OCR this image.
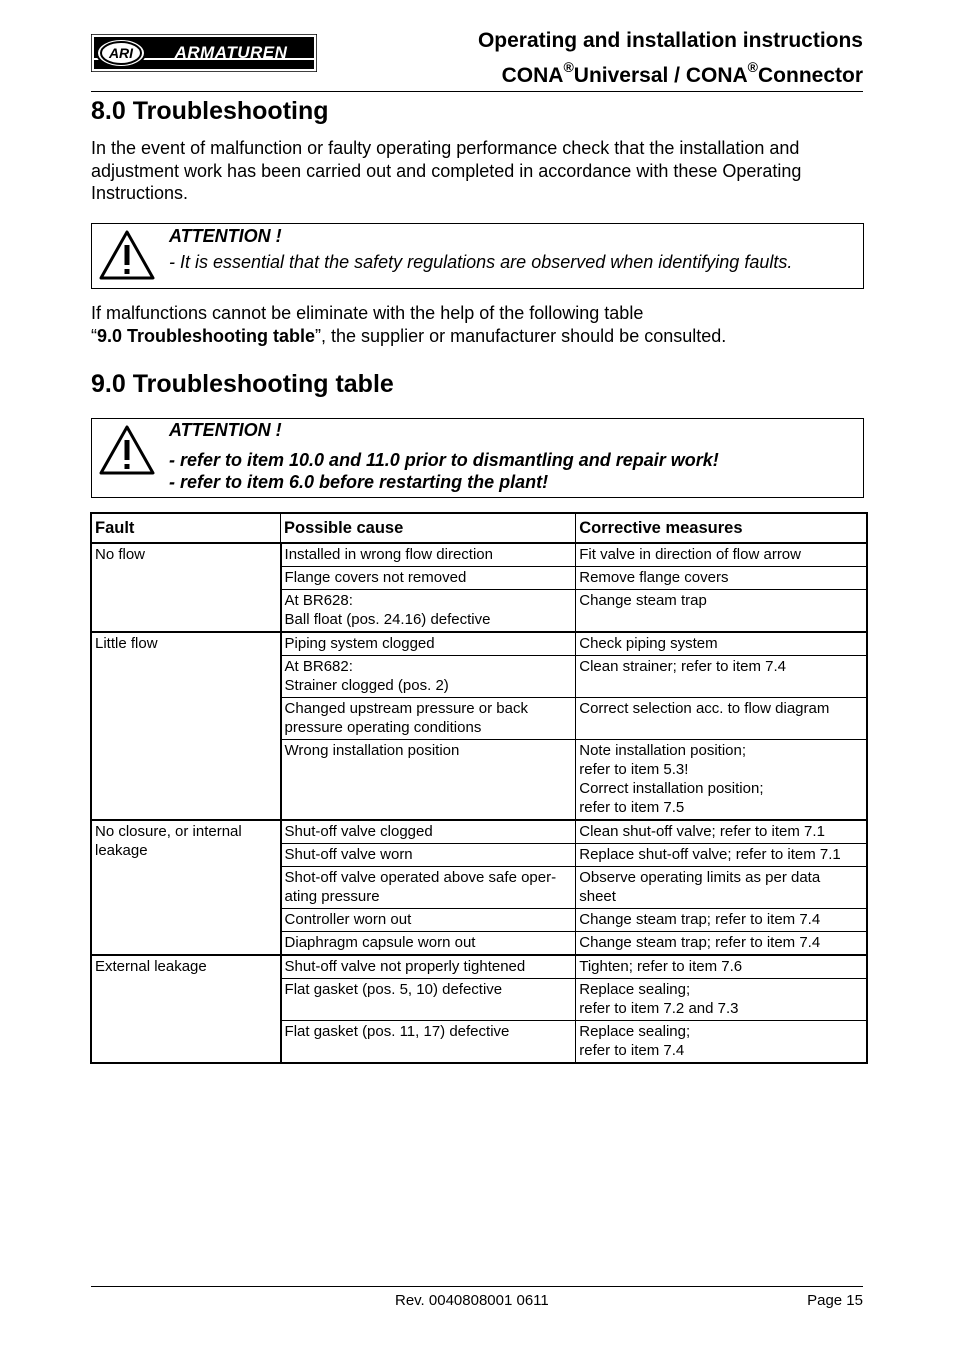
ARI ARMATUREN
Operating and installation instructions
CONA®Universal / CONA®Connector
8.0 Troubleshooting
In the event of malfunction or faulty operating performance check that the installation and adjustment work has been carried out and completed in accordance with these Operating Instructions.
ATTENTION !
- It is essential that the safety regulations are observed when identifying faults.
If malfunctions cannot be eliminate with the help of the following table
“9.0 Troubleshooting table”, the supplier or manufacturer should be consulted.
9.0 Troubleshooting table
ATTENTION !
- refer to item 10.0 and 11.0 prior to dismantling and repair work!
- refer to item 6.0 before restarting the plant!
Fault	Possible cause	Corrective measures
No flow	Installed in wrong flow direction	Fit valve in direction of flow arrow

	Flange covers not removed	Remove flange covers

	At BR628:
Ball float (pos. 24.16) defective	Change steam trap

Little flow	Piping system clogged	Check piping system

	At BR682:
Strainer clogged (pos. 2)	Clean strainer; refer to item 7.4

	Changed upstream pressure or back
pressure operating conditions	Correct selection acc. to flow diagram

	Wrong installation position	Note installation position;
refer to item 5.3!
Correct installation position;
refer to item 7.5

No closure, or internal leakage	Shut-off valve clogged	Clean shut-off valve; refer to item 7.1

	Shut-off valve worn	Replace shut-off valve; refer to item 7.1

	Shot-off valve operated above safe oper-
ating pressure	Observe operating limits as per data
sheet

	Controller worn out	Change steam trap; refer to item 7.4

	Diaphragm capsule worn out	Change steam trap; refer to item 7.4

External leakage	Shut-off valve not properly tightened	Tighten; refer to item 7.6

	Flat gasket (pos. 5, 10) defective	Replace sealing;
refer to item 7.2 and 7.3

	Flat gasket (pos. 11, 17) defective	Replace sealing;
refer to item 7.4
Rev. 0040808001 0611	Page 15
